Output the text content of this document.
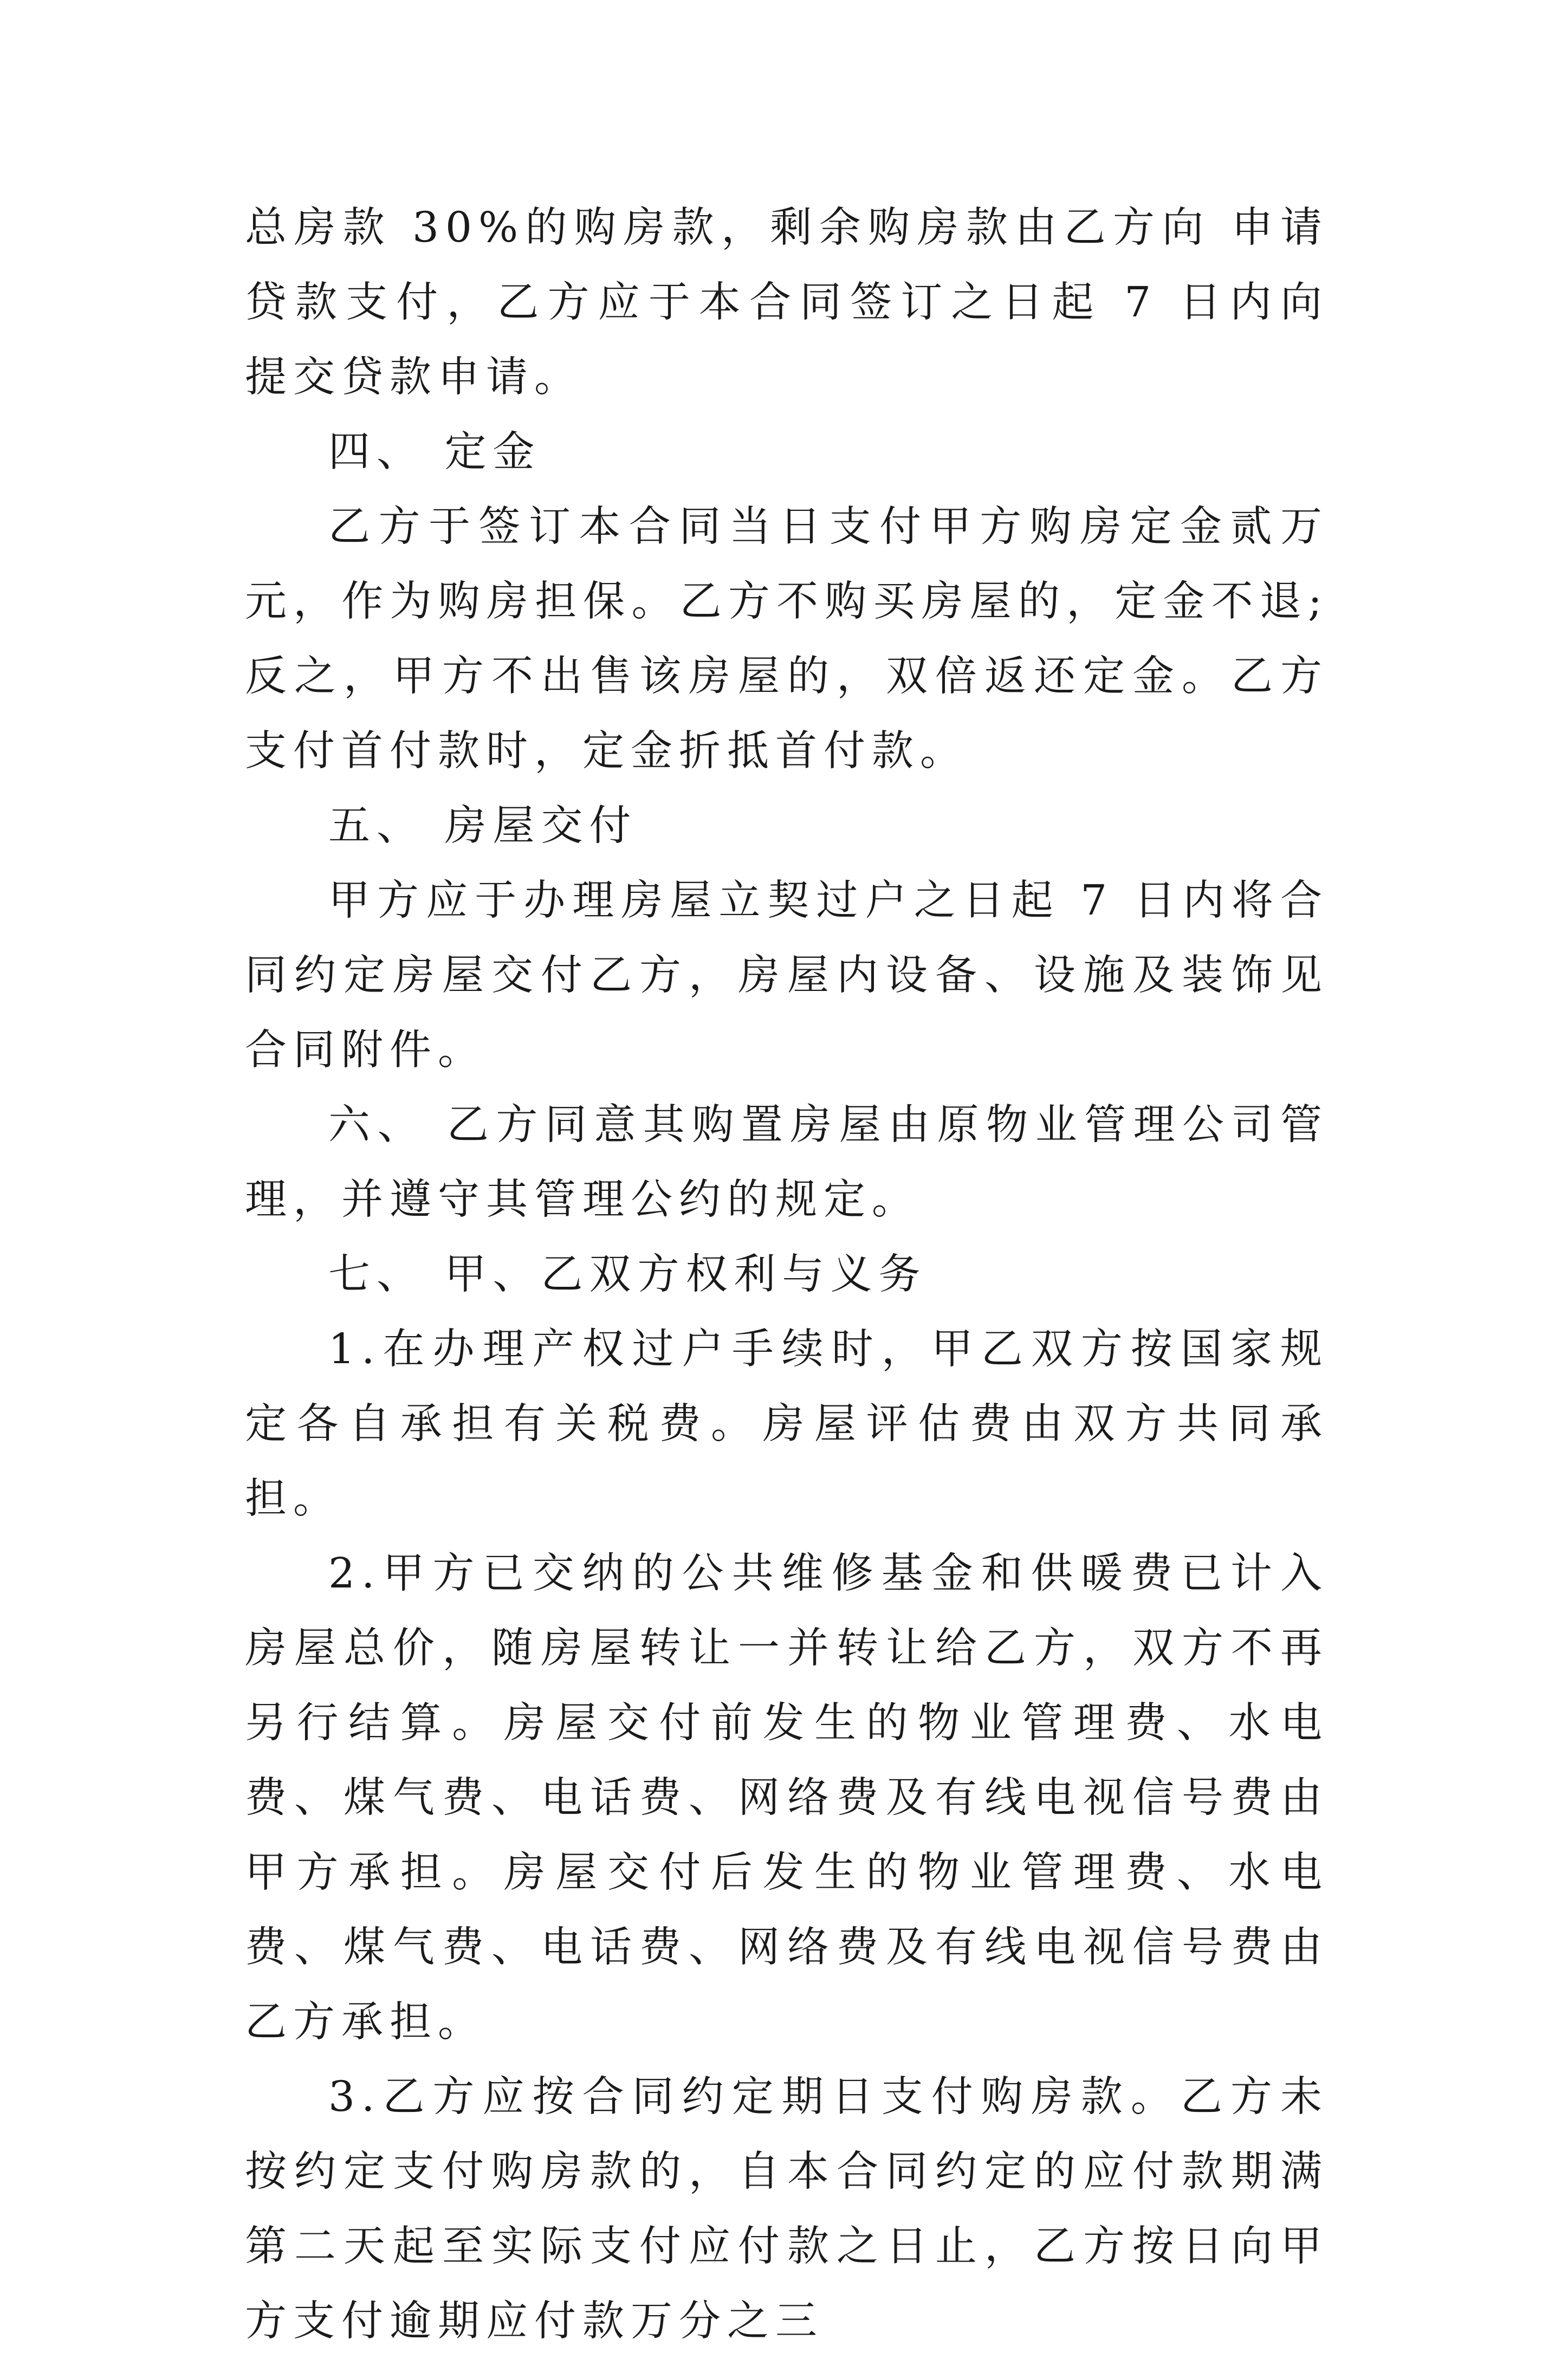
总房款 30%的购房款，剩余购房款由乙方向 申请贷款支付，乙方应于本合同签订之日起 7 日内向 提交贷款申请。

四、 定金

乙方于签订本合同当日支付甲方购房定金贰万元，作为购房担保。乙方不购买房屋的，定金不退;反之，甲方不出售该房屋的，双倍返还定金。乙方支付首付款时，定金折抵首付款。

五、 房屋交付

甲方应于办理房屋立契过户之日起 7 日内将合同约定房屋交付乙方，房屋内设备、设施及装饰见合同附件。

六、 乙方同意其购置房屋由原物业管理公司管理，并遵守其管理公约的规定。

七、 甲、乙双方权利与义务

1.在办理产权过户手续时，甲乙双方按国家规定各自承担有关税费。房屋评估费由双方共同承担。

2.甲方已交纳的公共维修基金和供暖费已计入房屋总价，随房屋转让一并转让给乙方，双方不再另行结算。房屋交付前发生的物业管理费、水电费、煤气费、电话费、网络费及有线电视信号费由甲方承担。房屋交付后发生的物业管理费、水电费、煤气费、电话费、网络费及有线电视信号费由乙方承担。

3.乙方应按合同约定期日支付购房款。乙方未按约定支付购房款的，自本合同约定的应付款期满第二天起至实际支付应付款之日止，乙方按日向甲方支付逾期应付款万分之三
